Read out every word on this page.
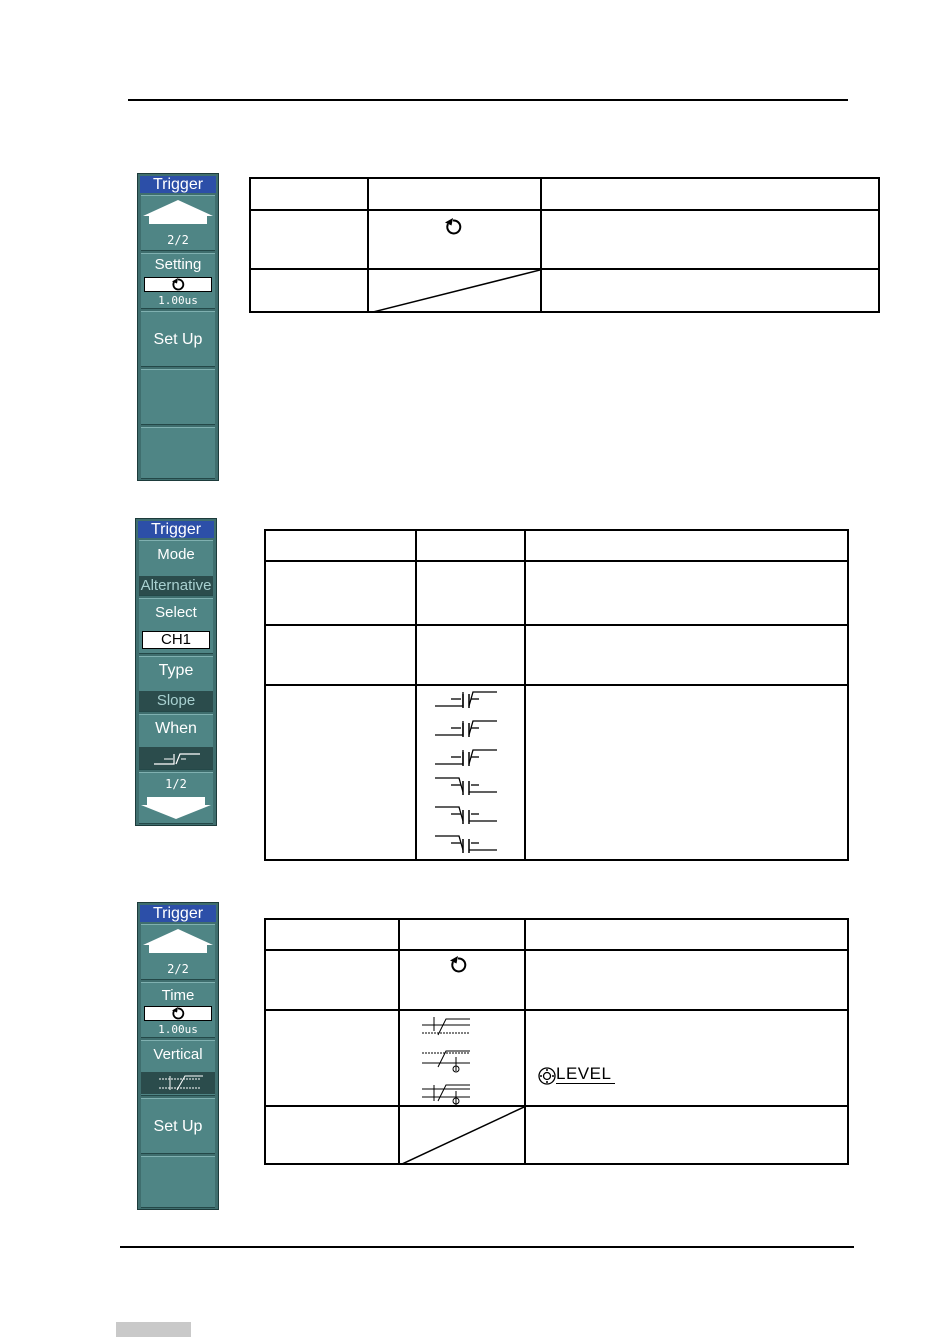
Trigger
2/2
Setting
1.00us
Set Up

Trigger
Mode
Alternative
Select
CH1
Type
Slope
When
1/2

Trigger
2/2
Time
1.00us
Vertical
Set Up

LEVEL
